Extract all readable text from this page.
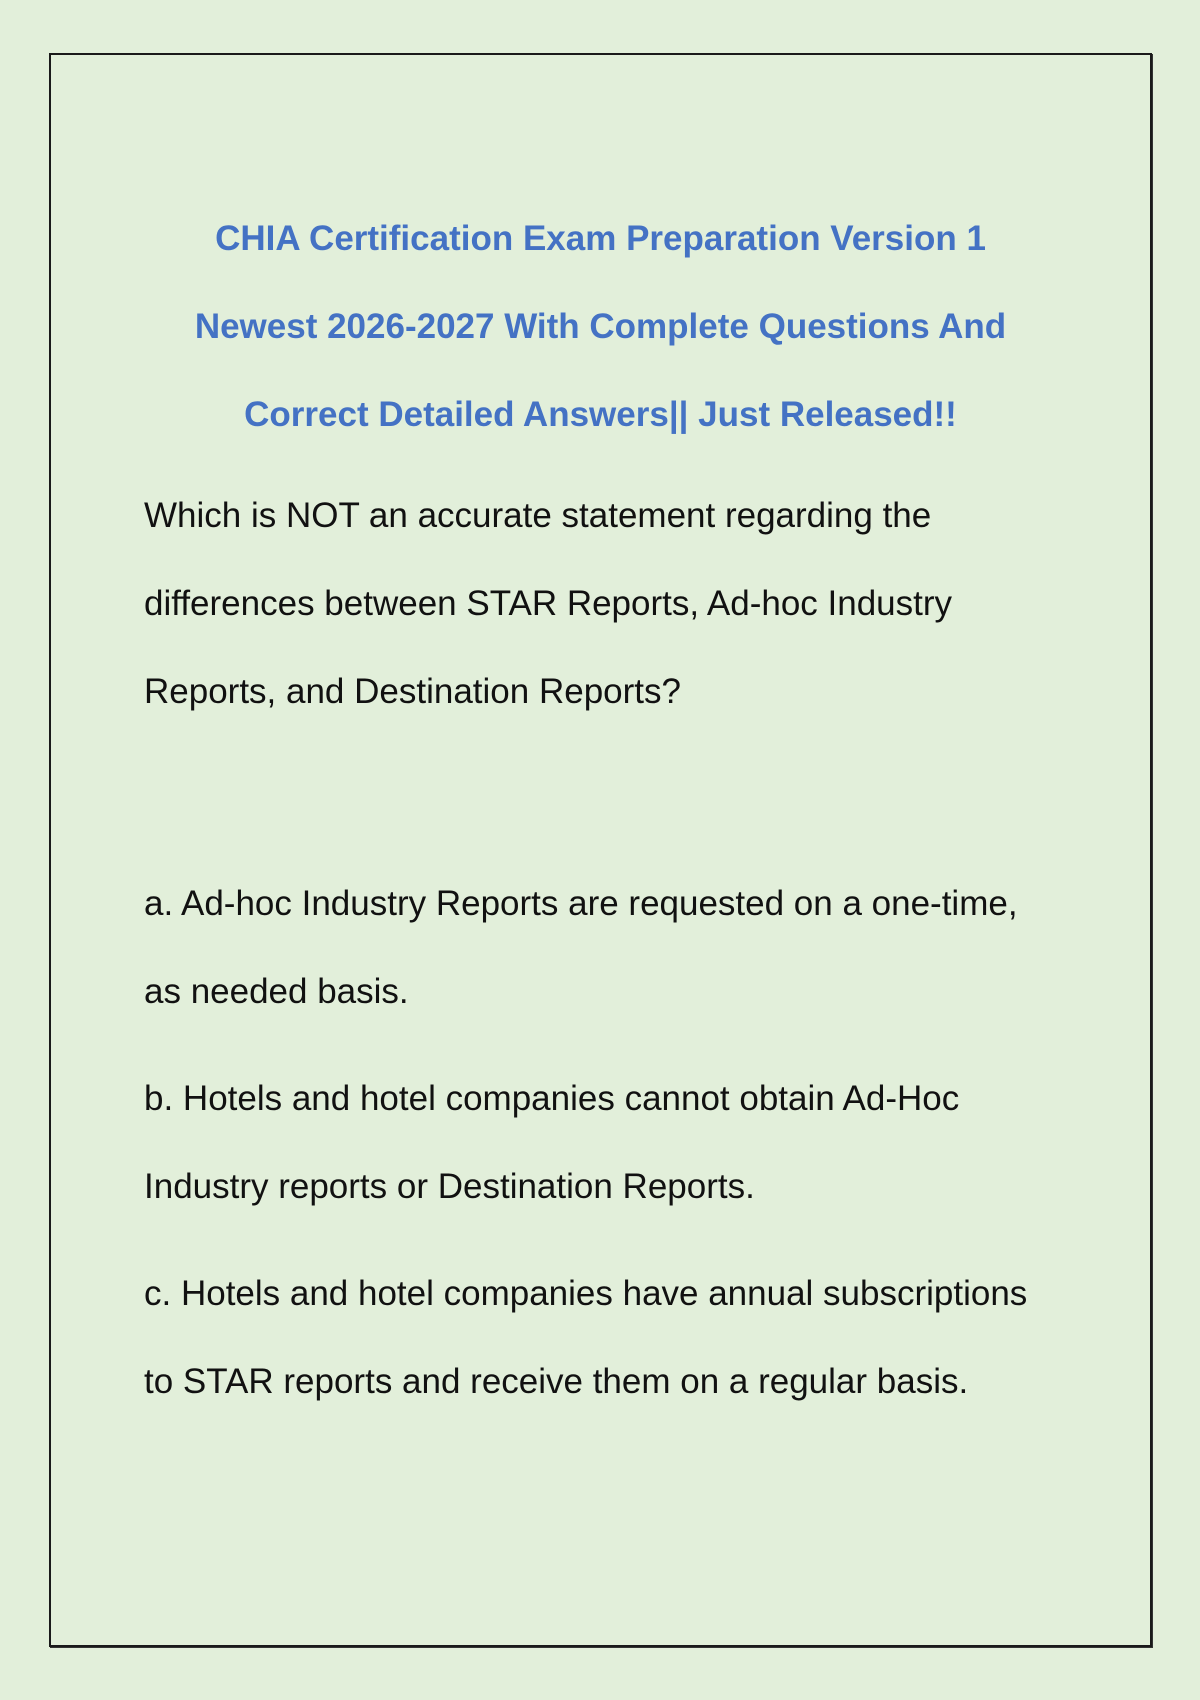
CHIA Certification Exam Preparation Version 1
Newest 2026-2027 With Complete Questions And
Correct Detailed Answers|| Just Released!!
Which is NOT an accurate statement regarding the
differences between STAR Reports, Ad-hoc Industry
Reports, and Destination Reports?
a. Ad-hoc Industry Reports are requested on a one-time,
as needed basis.
b. Hotels and hotel companies cannot obtain Ad-Hoc
Industry reports or Destination Reports.
c. Hotels and hotel companies have annual subscriptions
to STAR reports and receive them on a regular basis.
